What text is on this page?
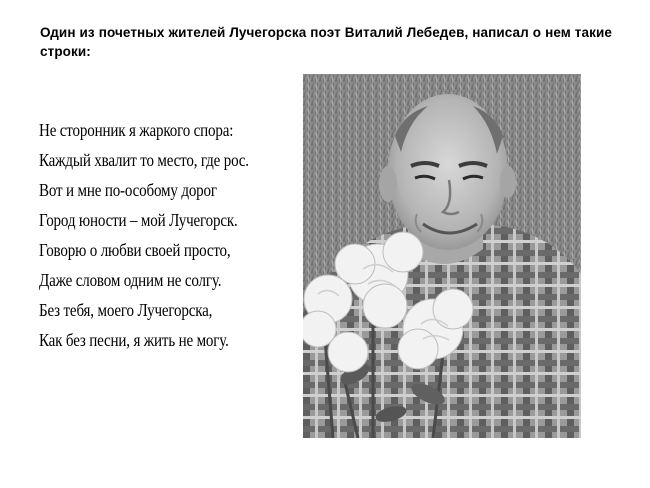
Один из почетных жителей Лучегорска поэт Виталий Лебедев, написал о нем такие строки:
Не сторонник я жаркого спора:
Каждый хвалит то место, где рос.
Вот и мне по-особому дорог
Город юности – мой Лучегорск.
Говорю о любви своей просто,
Даже словом одним не солгу.
Без тебя, моего Лучегорска,
Как без песни, я жить не могу.
